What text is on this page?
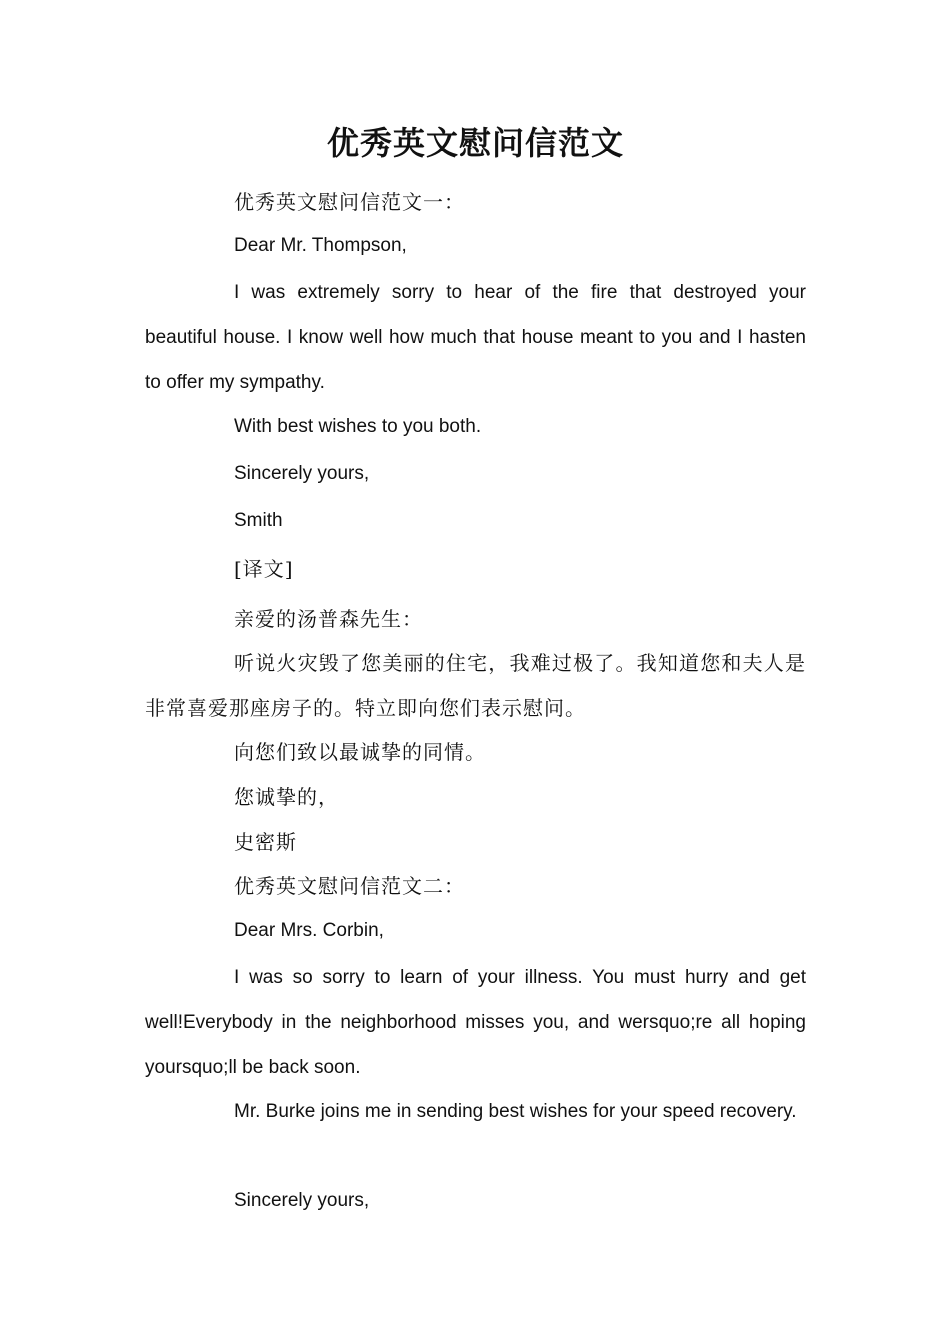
优秀英文慰问信范文

优秀英文慰问信范文一：

Dear Mr. Thompson,

I was extremely sorry to hear of the fire that destroyed your beautiful house. I know well how much that house meant to you and I hasten to offer my sympathy.

With best wishes to you both.

Sincerely yours,

Smith

[译文]

亲爱的汤普森先生：

听说火灾毁了您美丽的住宅，我难过极了。我知道您和夫人是非常喜爱那座房子的。特立即向您们表示慰问。

向您们致以最诚挚的同情。

您诚挚的，

史密斯

优秀英文慰问信范文二：

Dear Mrs. Corbin,

I was so sorry to learn of your illness. You must hurry and get well!Everybody in the neighborhood misses you, and wersquo;re all hoping yoursquo;ll be back soon.

Mr. Burke joins me in sending best wishes for your speed recovery.

Sincerely yours,
